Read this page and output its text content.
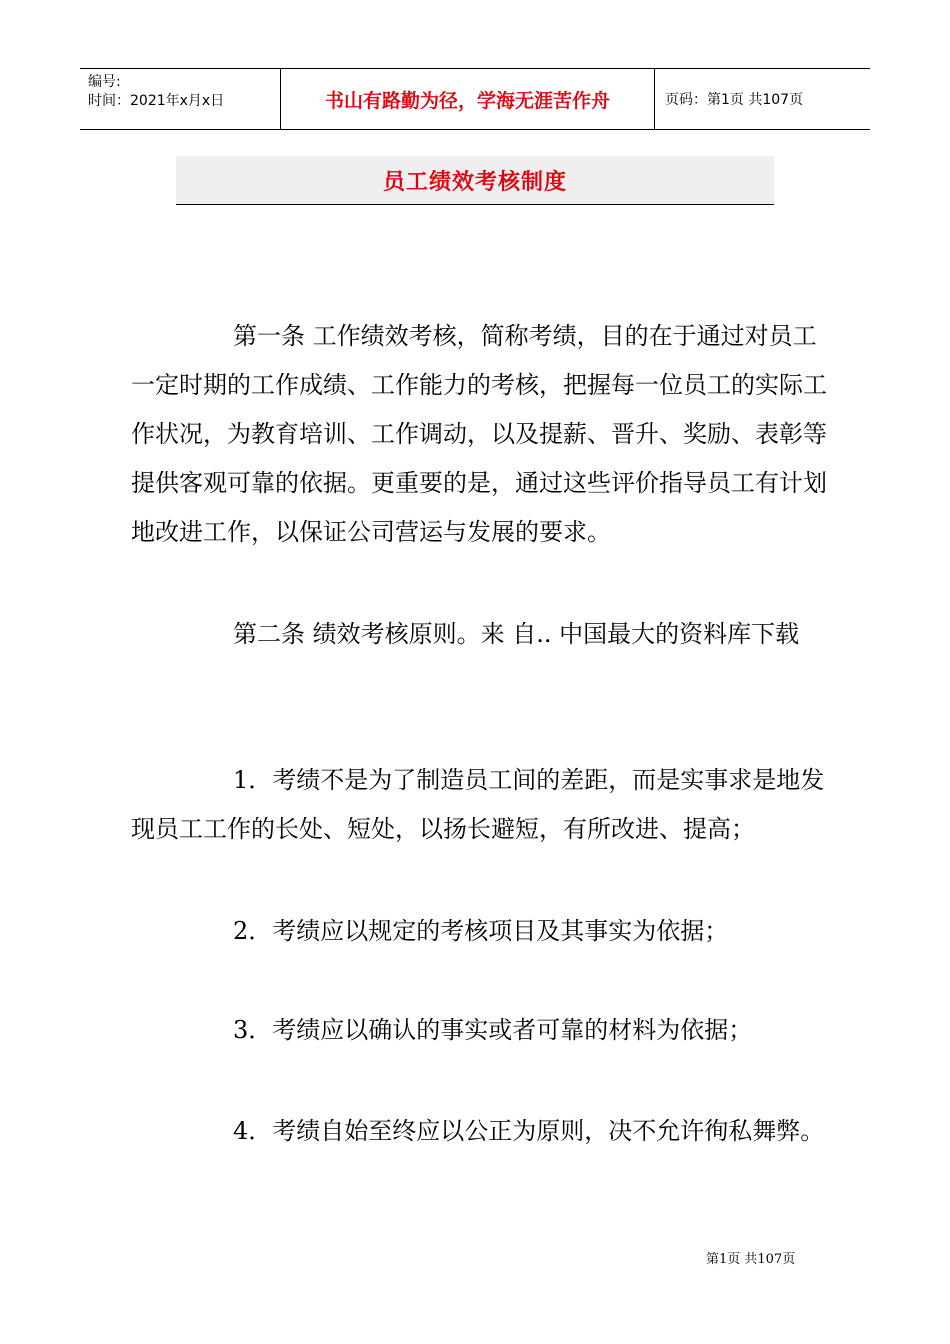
编号:
时间：2021年x月x日	书山有路勤为径，学海无涯苦作舟	页码：第1页 共107页
员工绩效考核制度

第一条 工作绩效考核，简称考绩，目的在于通过对员工一定时期的工作成绩、工作能力的考核，把握每一位员工的实际工作状况，为教育培训、工作调动，以及提薪、晋升、奖励、表彰等提供客观可靠的依据。更重要的是，通过这些评价指导员工有计划地改进工作，以保证公司营运与发展的要求。

第二条 绩效考核原则。来 自.. 中国最大的资料库下载

1．考绩不是为了制造员工间的差距，而是实事求是地发现员工工作的长处、短处，以扬长避短，有所改进、提高；

2．考绩应以规定的考核项目及其事实为依据；

3．考绩应以确认的事实或者可靠的材料为依据；

4．考绩自始至终应以公正为原则，决不允许徇私舞弊。

第1页 共107页
